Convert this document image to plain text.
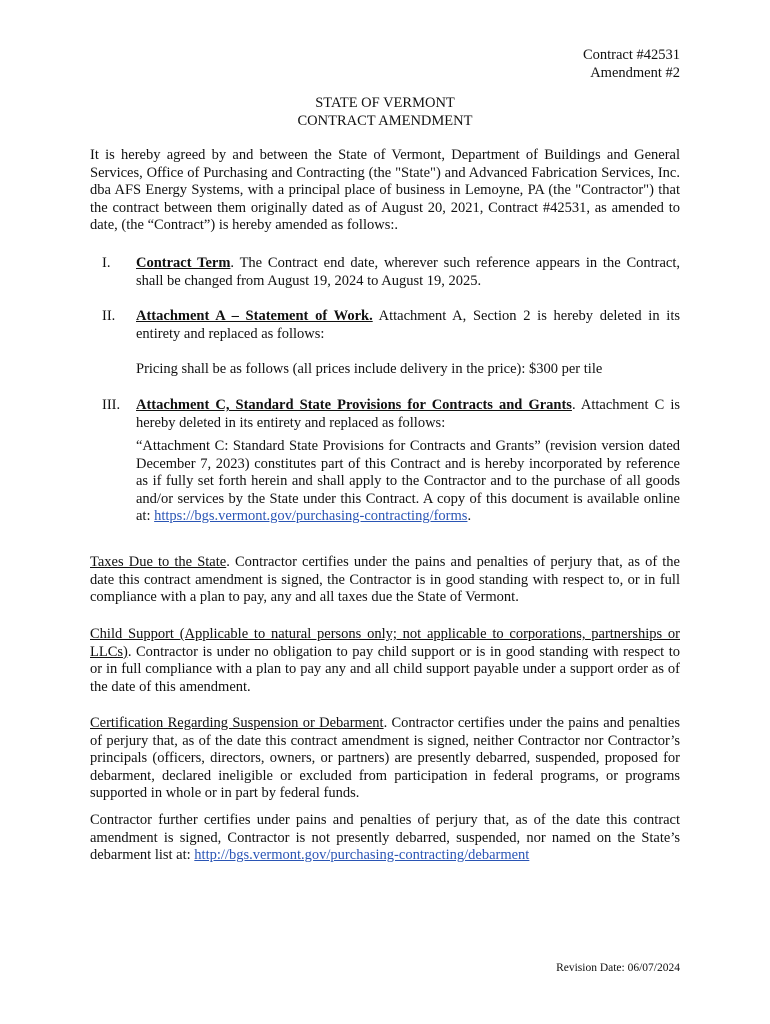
Contract #42531
Amendment #2
STATE OF VERMONT
CONTRACT AMENDMENT
It is hereby agreed by and between the State of Vermont, Department of Buildings and General Services, Office of Purchasing and Contracting (the "State") and Advanced Fabrication Services, Inc. dba AFS Energy Systems, with a principal place of business in Lemoyne, PA (the "Contractor") that the contract between them originally dated as of August 20, 2021, Contract #42531, as amended to date, (the “Contract”) is hereby amended as follows:.
I. Contract Term. The Contract end date, wherever such reference appears in the Contract, shall be changed from August 19, 2024 to August 19, 2025.
II. Attachment A – Statement of Work. Attachment A, Section 2 is hereby deleted in its entirety and replaced as follows:
Pricing shall be as follows (all prices include delivery in the price): $300 per tile
III. Attachment C, Standard State Provisions for Contracts and Grants. Attachment C is hereby deleted in its entirety and replaced as follows:
“Attachment C: Standard State Provisions for Contracts and Grants” (revision version dated December 7, 2023) constitutes part of this Contract and is hereby incorporated by reference as if fully set forth herein and shall apply to the Contractor and to the purchase of all goods and/or services by the State under this Contract. A copy of this document is available online at: https://bgs.vermont.gov/purchasing-contracting/forms.
Taxes Due to the State. Contractor certifies under the pains and penalties of perjury that, as of the date this contract amendment is signed, the Contractor is in good standing with respect to, or in full compliance with a plan to pay, any and all taxes due the State of Vermont.
Child Support (Applicable to natural persons only; not applicable to corporations, partnerships or LLCs). Contractor is under no obligation to pay child support or is in good standing with respect to or in full compliance with a plan to pay any and all child support payable under a support order as of the date of this amendment.
Certification Regarding Suspension or Debarment. Contractor certifies under the pains and penalties of perjury that, as of the date this contract amendment is signed, neither Contractor nor Contractor’s principals (officers, directors, owners, or partners) are presently debarred, suspended, proposed for debarment, declared ineligible or excluded from participation in federal programs, or programs supported in whole or in part by federal funds.
Contractor further certifies under pains and penalties of perjury that, as of the date this contract amendment is signed, Contractor is not presently debarred, suspended, nor named on the State’s debarment list at: http://bgs.vermont.gov/purchasing-contracting/debarment
Revision Date: 06/07/2024
